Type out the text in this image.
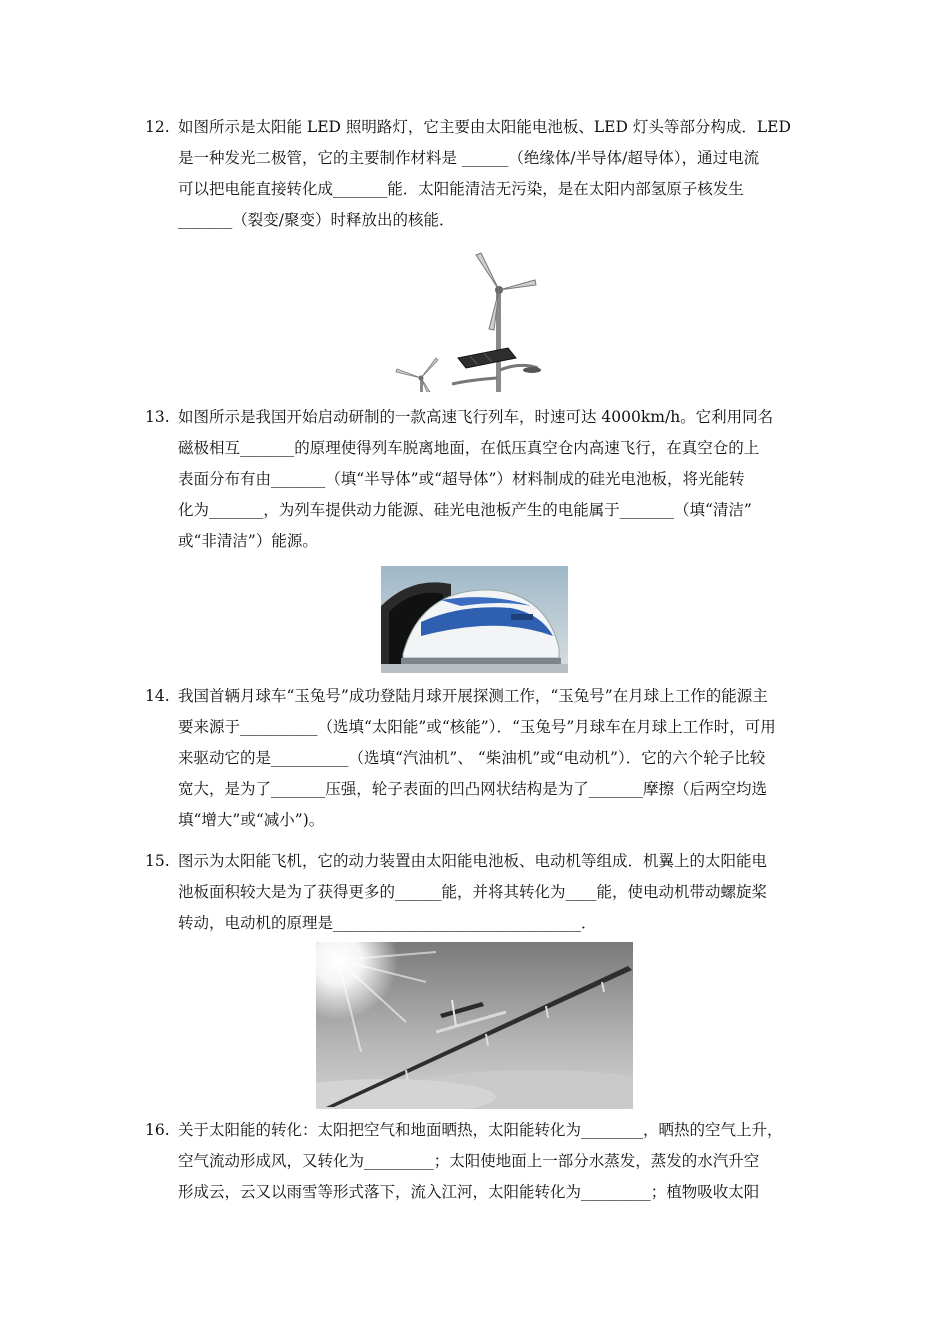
12. 如图所示是太阳能 LED 照明路灯，它主要由太阳能电池板、LED 灯头等部分构成．LED
是一种发光二极管，它的主要制作材料是 ______（绝缘体/半导体/超导体），通过电流
可以把电能直接转化成_______能．太阳能清洁无污染，是在太阳内部氢原子核发生
_______（裂变/聚变）时释放出的核能．
13. 如图所示是我国开始启动研制的一款高速飞行列车，时速可达 4000km/h。它利用同名
磁极相互_______的原理使得列车脱离地面，在低压真空仓内高速飞行，在真空仓的上
表面分布有由_______（填“半导体”或“超导体”）材料制成的硅光电池板，将光能转
化为_______，为列车提供动力能源、硅光电池板产生的电能属于_______（填“清洁”
或“非清洁”）能源。
14. 我国首辆月球车“玉兔号”成功登陆月球开展探测工作，“玉兔号”在月球上工作的能源主
要来源于__________（选填“太阳能”或“核能”）．“玉兔号”月球车在月球上工作时，可用
来驱动它的是__________（选填“汽油机”、 “柴油机”或“电动机”）．它的六个轮子比较
宽大，是为了_______压强，轮子表面的凹凸网状结构是为了_______摩擦（后两空均选
填“增大”或“减小”)。
15. 图示为太阳能飞机，它的动力装置由太阳能电池板、电动机等组成．机翼上的太阳能电
池板面积较大是为了获得更多的______能，并将其转化为____能，使电动机带动螺旋桨
转动，电动机的原理是________________________________．
16. 关于太阳能的转化：太阳把空气和地面晒热，太阳能转化为________，晒热的空气上升，
空气流动形成风，又转化为_________；太阳使地面上一部分水蒸发，蒸发的水汽升空
形成云，云又以雨雪等形式落下，流入江河，太阳能转化为_________；植物吸收太阳
